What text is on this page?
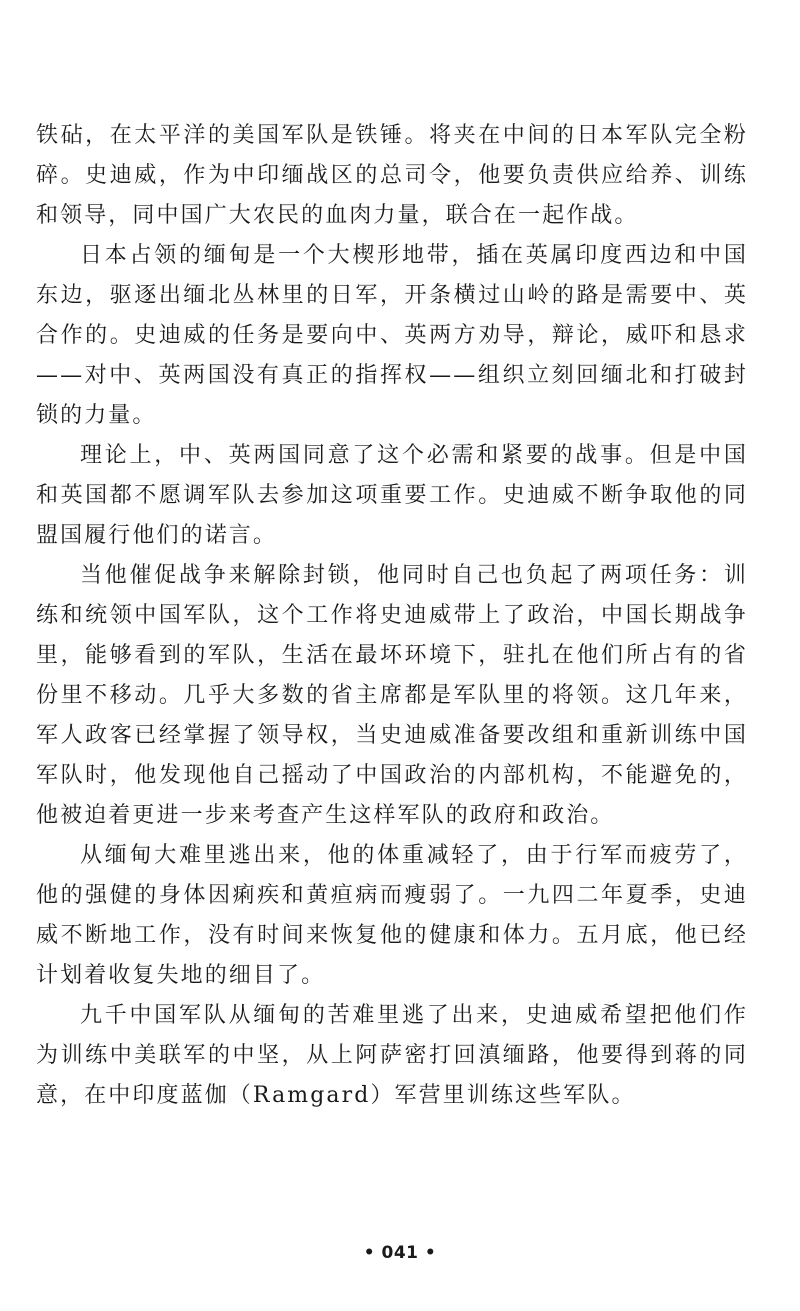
铁砧，在太平洋的美国军队是铁锤。将夹在中间的日本军队完全粉碎。史迪威，作为中印缅战区的总司令，他要负责供应给养、训练和领导，同中国广大农民的血肉力量，联合在一起作战。

日本占领的缅甸是一个大楔形地带，插在英属印度西边和中国东边，驱逐出缅北丛林里的日军，开条横过山岭的路是需要中、英合作的。史迪威的任务是要向中、英两方劝导，辩论，威吓和恳求——对中、英两国没有真正的指挥权——组织立刻回缅北和打破封锁的力量。

理论上，中、英两国同意了这个必需和紧要的战事。但是中国和英国都不愿调军队去参加这项重要工作。史迪威不断争取他的同盟国履行他们的诺言。

当他催促战争来解除封锁，他同时自己也负起了两项任务：训练和统领中国军队，这个工作将史迪威带上了政治，中国长期战争里，能够看到的军队，生活在最坏环境下，驻扎在他们所占有的省份里不移动。几乎大多数的省主席都是军队里的将领。这几年来，军人政客已经掌握了领导权，当史迪威准备要改组和重新训练中国军队时，他发现他自己摇动了中国政治的内部机构，不能避免的，他被迫着更进一步来考查产生这样军队的政府和政治。

从缅甸大难里逃出来，他的体重减轻了，由于行军而疲劳了，他的强健的身体因痢疾和黄疸病而瘦弱了。一九四二年夏季，史迪威不断地工作，没有时间来恢复他的健康和体力。五月底，他已经计划着收复失地的细目了。

九千中国军队从缅甸的苦难里逃了出来，史迪威希望把他们作为训练中美联军的中坚，从上阿萨密打回滇缅路，他要得到蒋的同意，在中印度蓝伽（Ramgard）军营里训练这些军队。

• 041 •
